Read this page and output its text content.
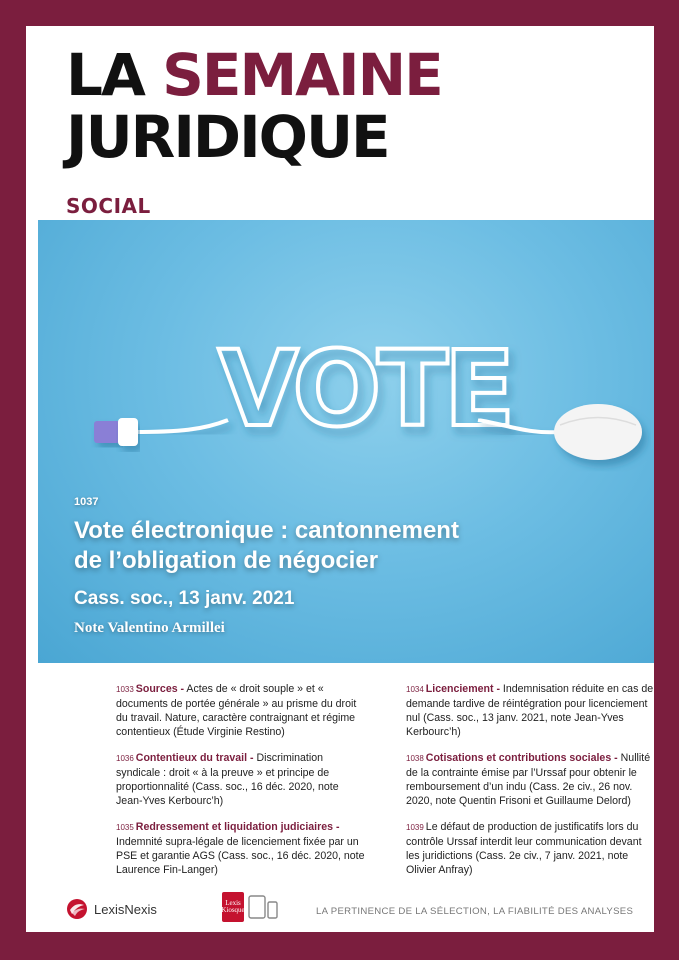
LA SEMAINE
JURIDIQUE
SOCIAL

1033 Sources - Actes de « droit souple » et « documents de portée générale » au prisme du droit du travail. Nature, caractère contraignant et régime contentieux (Étude Virginie Restino)

1036 Contentieux du travail - Discrimination syndicale : droit « à la preuve » et principe de proportionnalité (Cass. soc., 16 déc. 2020, note Jean-Yves Kerbourc’h)

1035 Redressement et liquidation judiciaires - Indemnité supra-légale de licenciement fixée par un PSE et garantie AGS (Cass. soc., 16 déc. 2020, note Laurence Fin-Langer)

1034 Licenciement - Indemnisation réduite en cas de demande tardive de réintégration pour licenciement nul (Cass. soc., 13 janv. 2021, note Jean-Yves Kerbourc’h)

1038 Cotisations et contributions sociales - Nullité de la contrainte émise par l’Urssaf pour obtenir le remboursement d’un indu (Cass. 2e civ., 26 nov. 2020, note Quentin Frisoni et Guillaume Delord)

1039 Le défaut de production de justificatifs lors du contrôle Urssaf interdit leur communication devant les juridictions (Cass. 2e civ., 7 janv. 2021, note Olivier Anfray)

LexisNexis	Lexis
Kiosque	LA PERTINENCE DE LA SÉLECTION, LA FIABILITÉ DES ANALYSES
VOTE
1037
Vote électronique : cantonnement
de l’obligation de négocier
Cass. soc., 13 janv. 2021
Note Valentino Armillei
